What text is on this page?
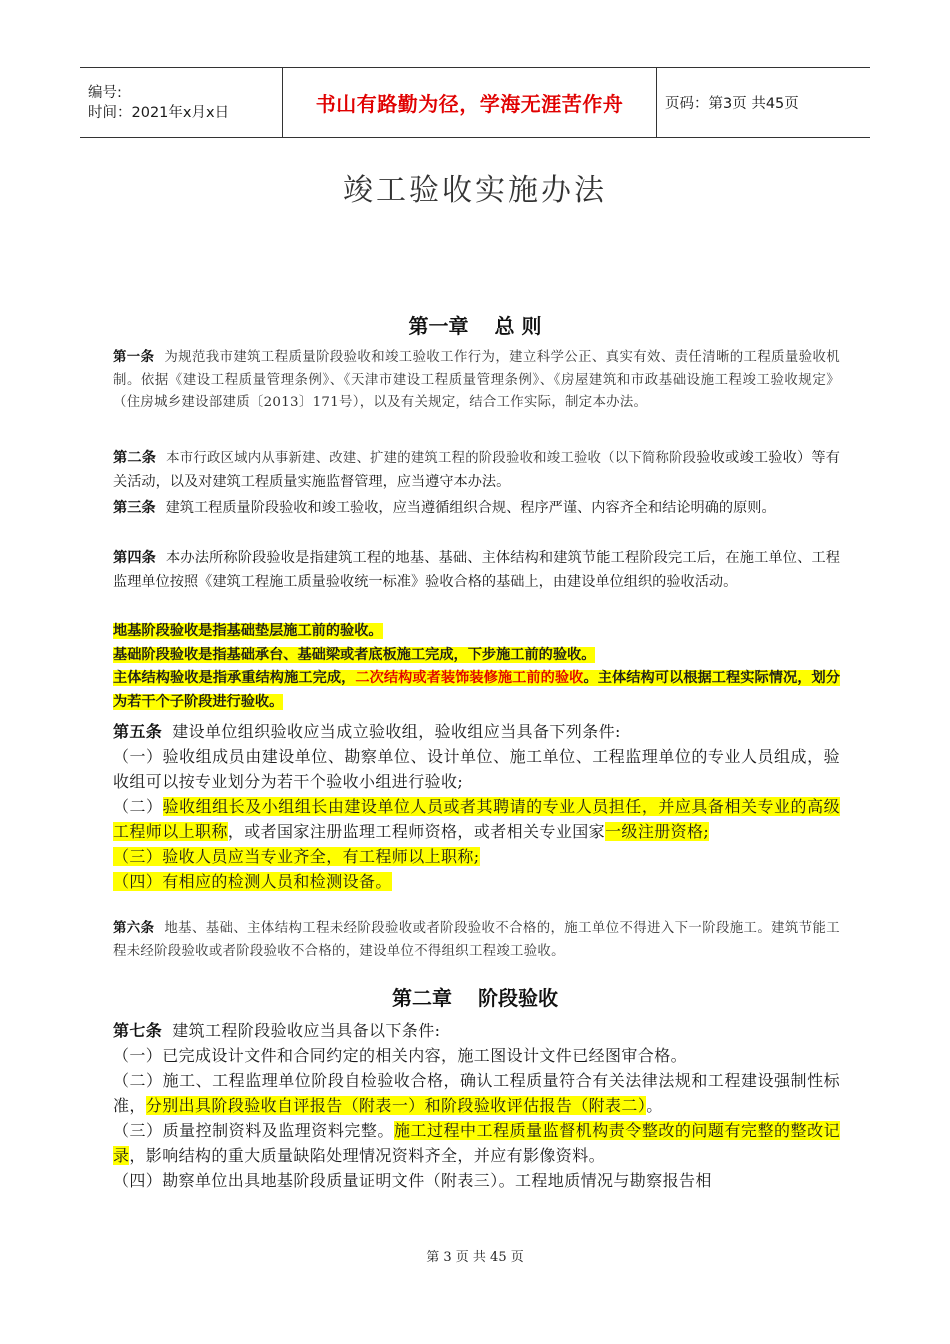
编号:
时间：2021年x月x日	书山有路勤为径，学海无涯苦作舟	页码：第3页 共45页
竣工验收实施办法
第一章 总 则
第一条 为规范我市建筑工程质量阶段验收和竣工验收工作行为，建立科学公正、真实有效、责任清晰的工程质量验收机制。依据《建设工程质量管理条例》、《天津市建设工程质量管理条例》、《房屋建筑和市政基础设施工程竣工验收规定》（住房城乡建设部建质〔2013〕171号），以及有关规定，结合工作实际，制定本办法。
第二条 本市行政区域内从事新建、改建、扩建的建筑工程的阶段验收和竣工验收（以下简称阶段验收或竣工验收）等有关活动，以及对建筑工程质量实施监督管理，应当遵守本办法。
第三条 建筑工程质量阶段验收和竣工验收，应当遵循组织合规、程序严谨、内容齐全和结论明确的原则。
第四条 本办法所称阶段验收是指建筑工程的地基、基础、主体结构和建筑节能工程阶段完工后，在施工单位、工程监理单位按照《建筑工程施工质量验收统一标准》验收合格的基础上，由建设单位组织的验收活动。
地基阶段验收是指基础垫层施工前的验收。
基础阶段验收是指基础承台、基础梁或者底板施工完成，下步施工前的验收。
主体结构验收是指承重结构施工完成，二次结构或者装饰装修施工前的验收。主体结构可以根据工程实际情况，划分为若干个子阶段进行验收。
第五条 建设单位组织验收应当成立验收组，验收组应当具备下列条件:
（一）验收组成员由建设单位、勘察单位、设计单位、施工单位、工程监理单位的专业人员组成，验收组可以按专业划分为若干个验收小组进行验收;
（二）验收组组长及小组组长由建设单位人员或者其聘请的专业人员担任，并应具备相关专业的高级工程师以上职称，或者国家注册监理工程师资格，或者相关专业国家一级注册资格;
（三）验收人员应当专业齐全，有工程师以上职称;
（四）有相应的检测人员和检测设备。
第六条 地基、基础、主体结构工程未经阶段验收或者阶段验收不合格的，施工单位不得进入下一阶段施工。建筑节能工程未经阶段验收或者阶段验收不合格的，建设单位不得组织工程竣工验收。
第二章 阶段验收
第七条 建筑工程阶段验收应当具备以下条件:
（一）已完成设计文件和合同约定的相关内容，施工图设计文件已经图审合格。
（二）施工、工程监理单位阶段自检验收合格，确认工程质量符合有关法律法规和工程建设强制性标准，分别出具阶段验收自评报告（附表一）和阶段验收评估报告（附表二）。
（三）质量控制资料及监理资料完整。施工过程中工程质量监督机构责令整改的问题有完整的整改记录，影响结构的重大质量缺陷处理情况资料齐全，并应有影像资料。
（四）勘察单位出具地基阶段质量证明文件（附表三）。工程地质情况与勘察报告相
第 3 页 共 45 页
